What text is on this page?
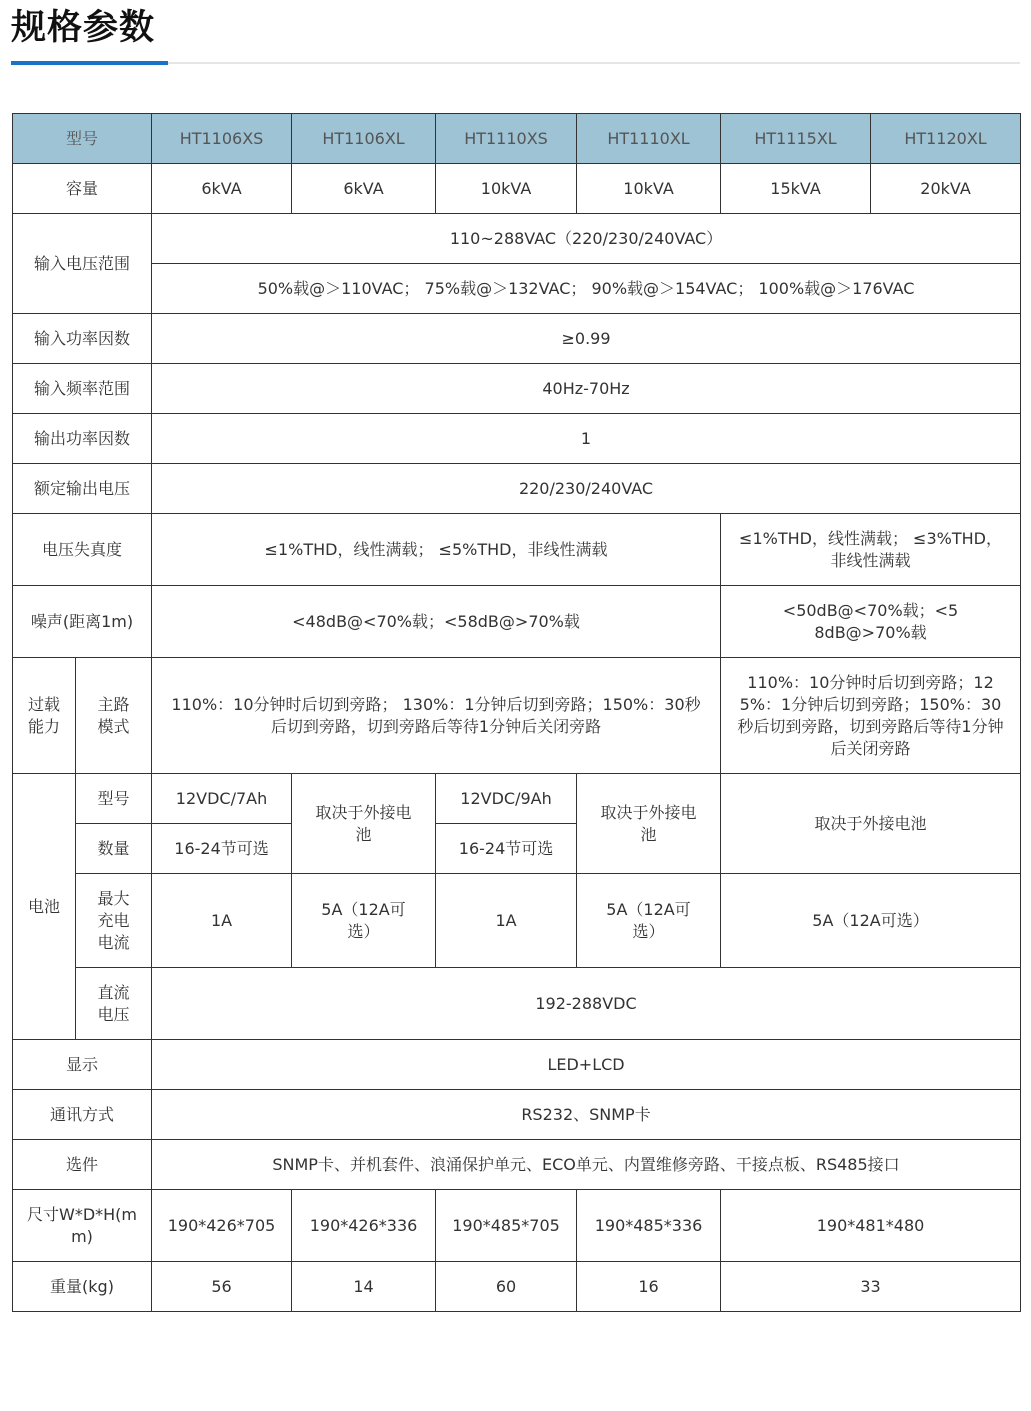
规格参数
型号		HT1106XS	HT1106XL	HT1110XS	HT1110XL	HT1115XL	HT1120XL
容量		6kVA	6kVA	10kVA	10kVA	15kVA	20kVA
输入电压范围		110~288VAC（220/230/240VAC）					
		50%载@＞110VAC； 75%载@＞132VAC； 90%载@＞154VAC； 100%载@＞176VAC					
输入功率因数		≥0.99					
输入频率范围		40Hz-70Hz					
输出功率因数		1					
额定输出电压		220/230/240VAC					
电压失真度		≤1%THD，线性满载； ≤5%THD，非线性满载				≤1%THD，线性满载； ≤3%THD，非线性满载	
噪声(距离1m)		<48dB@<70%载；<58dB@>70%载				<50dB@<70%载；<58dB@>70%载	
过载能力	主路模式	110%：10分钟时后切到旁路； 130%：1分钟后切到旁路；150%：30秒后切到旁路，切到旁路后等待1分钟后关闭旁路				110%：10分钟时后切到旁路；125%：1分钟后切到旁路；150%：30秒后切到旁路，切到旁路后等待1分钟后关闭旁路	
电池	型号	12VDC/7Ah	取决于外接电池	12VDC/9Ah	取决于外接电池	取决于外接电池	
	数量	16-24节可选		16-24节可选			
	最大充电电流	1A	5A（12A可选）	1A	5A（12A可选）	5A（12A可选）	
	直流电压	192-288VDC					

显示		LED+LCD					
通讯方式		RS232、SNMP卡					
选件		SNMP卡、并机套件、浪涌保护单元、ECO单元、内置维修旁路、干接点板、RS485接口					
尺寸W*D*H(mm)		190*426*705	190*426*336	190*485*705	190*485*336	190*481*480	
重量(kg)		56	14	60	16	33	
